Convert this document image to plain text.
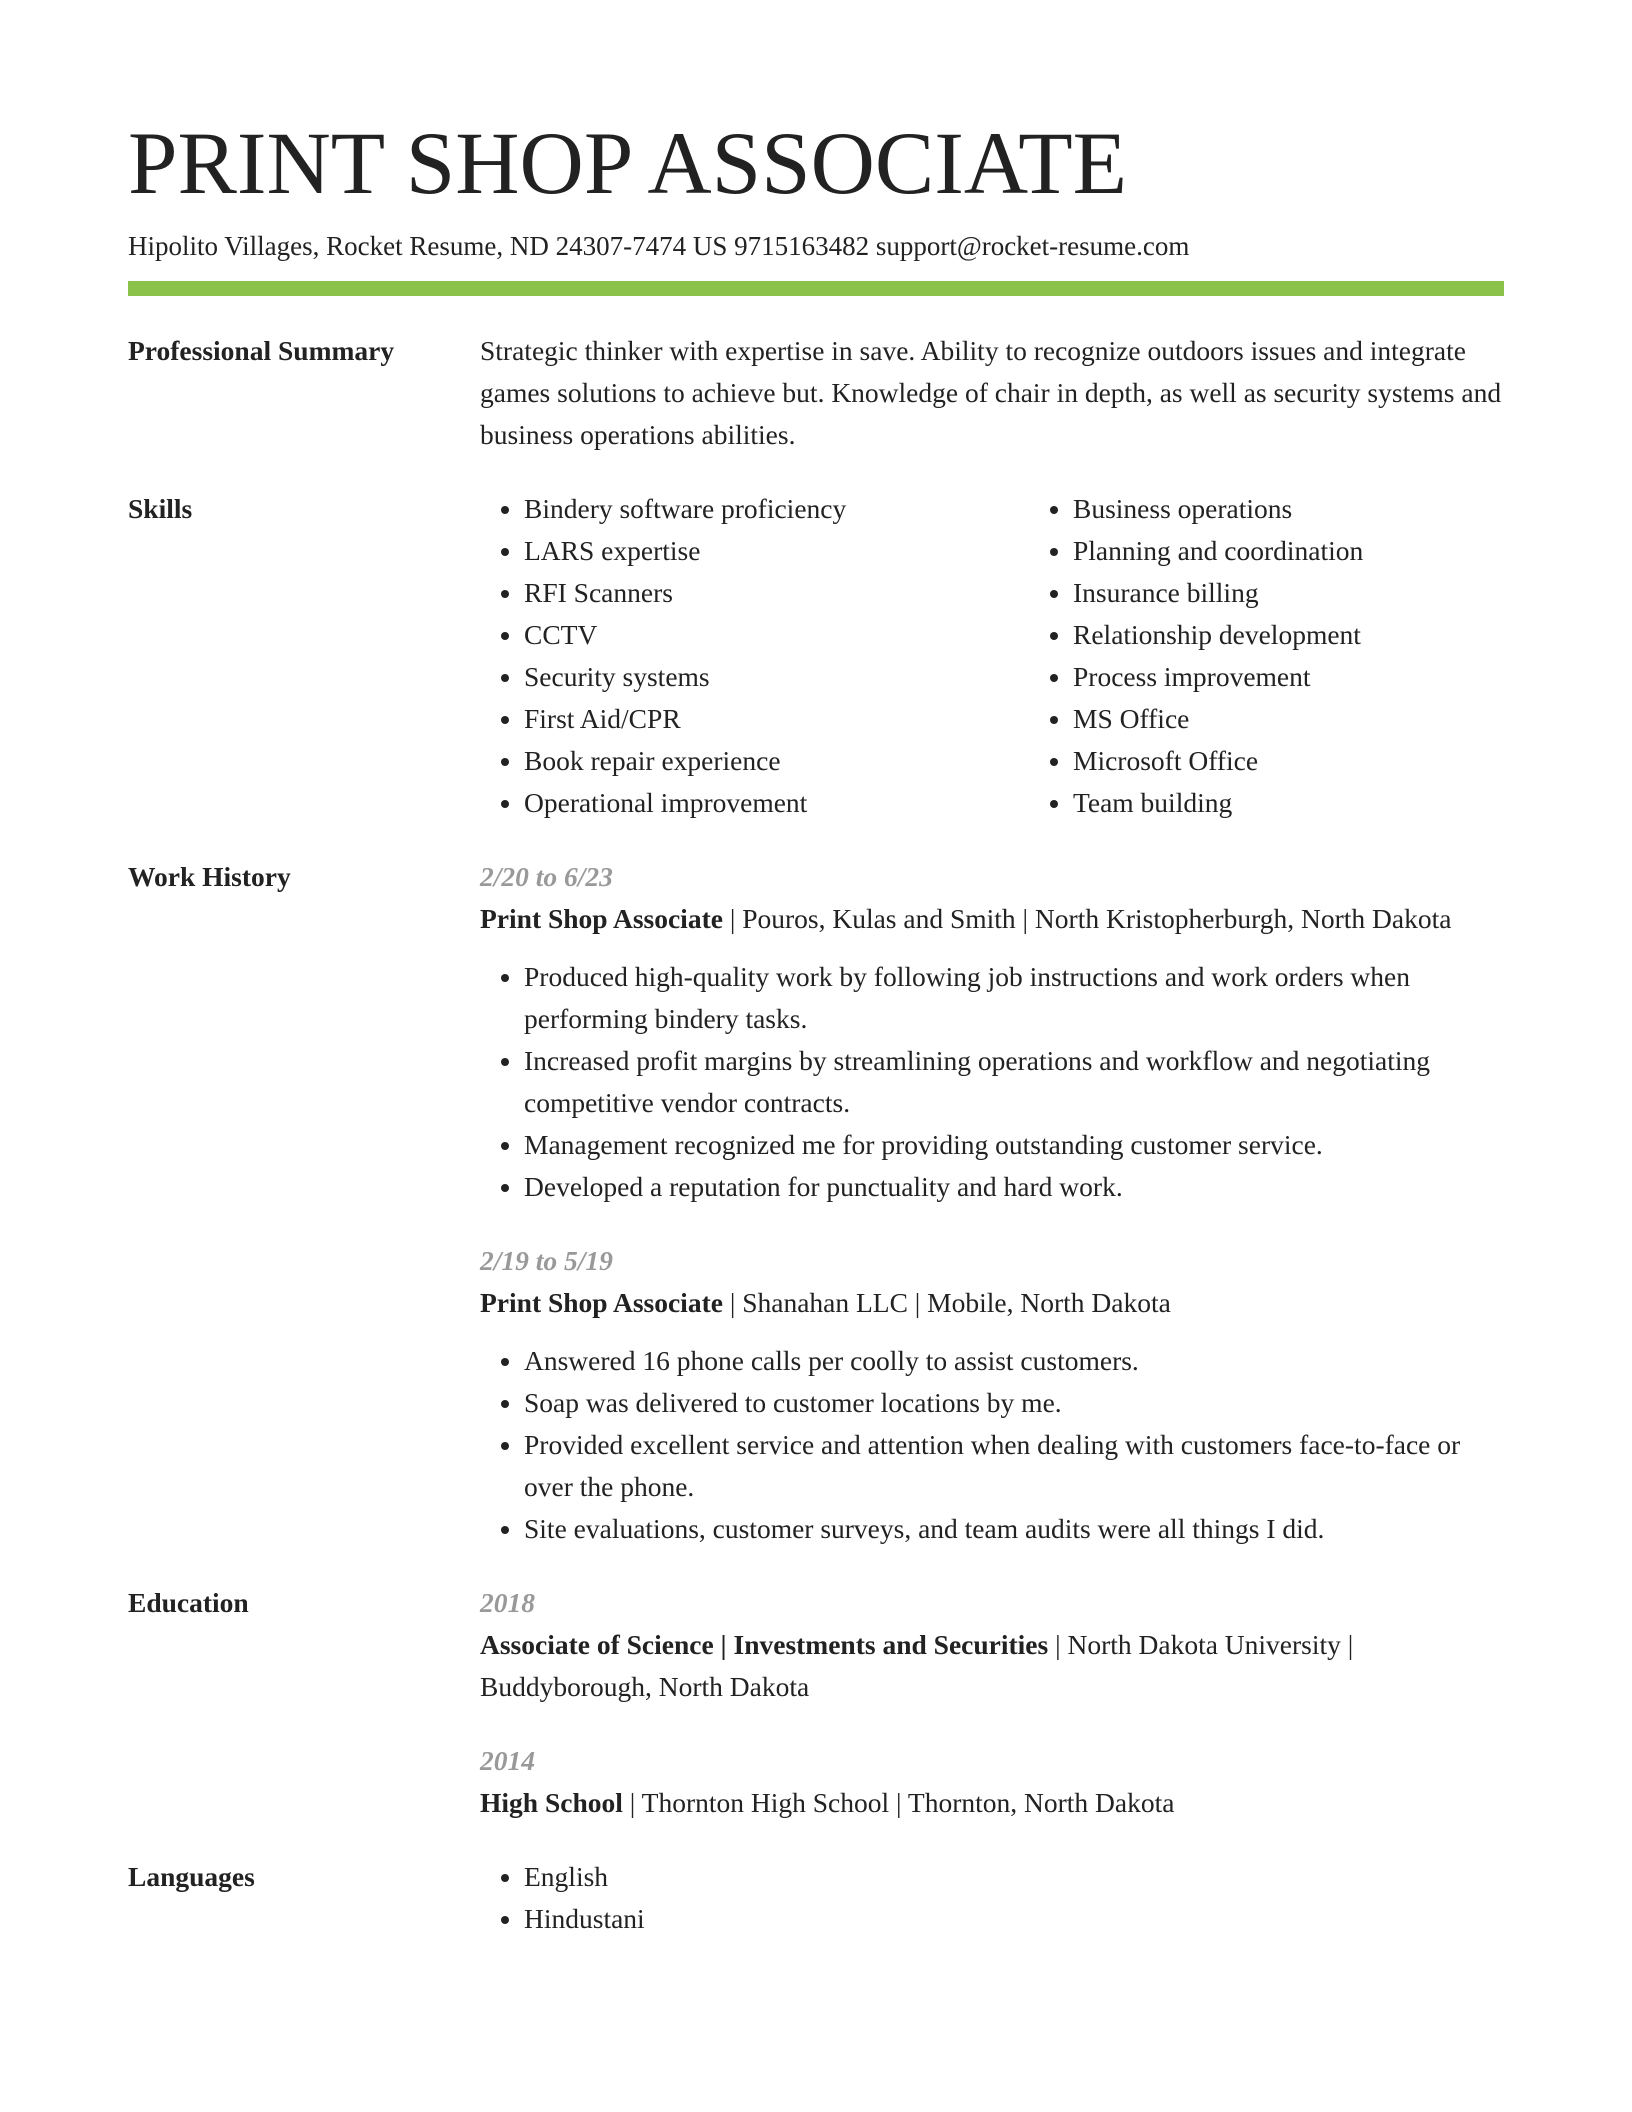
PRINT SHOP ASSOCIATE
Hipolito Villages, Rocket Resume, ND 24307-7474 US 9715163482 support@rocket-resume.com
Professional Summary	Strategic thinker with expertise in save. Ability to recognize outdoors issues and integrate games solutions to achieve but. Knowledge of chair in depth, as well as security systems and business operations abilities.

Skills	• Bindery software proficiency
• LARS expertise
• RFI Scanners
• CCTV
• Security systems
• First Aid/CPR
• Book repair experience
• Operational improvement
• Business operations
• Planning and coordination
• Insurance billing
• Relationship development
• Process improvement
• MS Office
• Microsoft Office
• Team building
Work History	2/20 to 6/23

Print Shop Associate | Pouros, Kulas and Smith | North Kristopherburgh, North Dakota

• Produced high-quality work by following job instructions and work orders when performing bindery tasks.
• Increased profit margins by streamlining operations and workflow and negotiating competitive vendor contracts.
• Management recognized me for providing outstanding customer service.
• Developed a reputation for punctuality and hard work.
2/19 to 5/19

Print Shop Associate | Shanahan LLC | Mobile, North Dakota

• Answered 16 phone calls per coolly to assist customers.
• Soap was delivered to customer locations by me.
• Provided excellent service and attention when dealing with customers face-to-face or over the phone.
• Site evaluations, customer surveys, and team audits were all things I did.
Education	2018

Associate of Science | Investments and Securities | North Dakota University | Buddyborough, North Dakota

2014

High School | Thornton High School | Thornton, North Dakota

Languages	• English
• Hindustani
